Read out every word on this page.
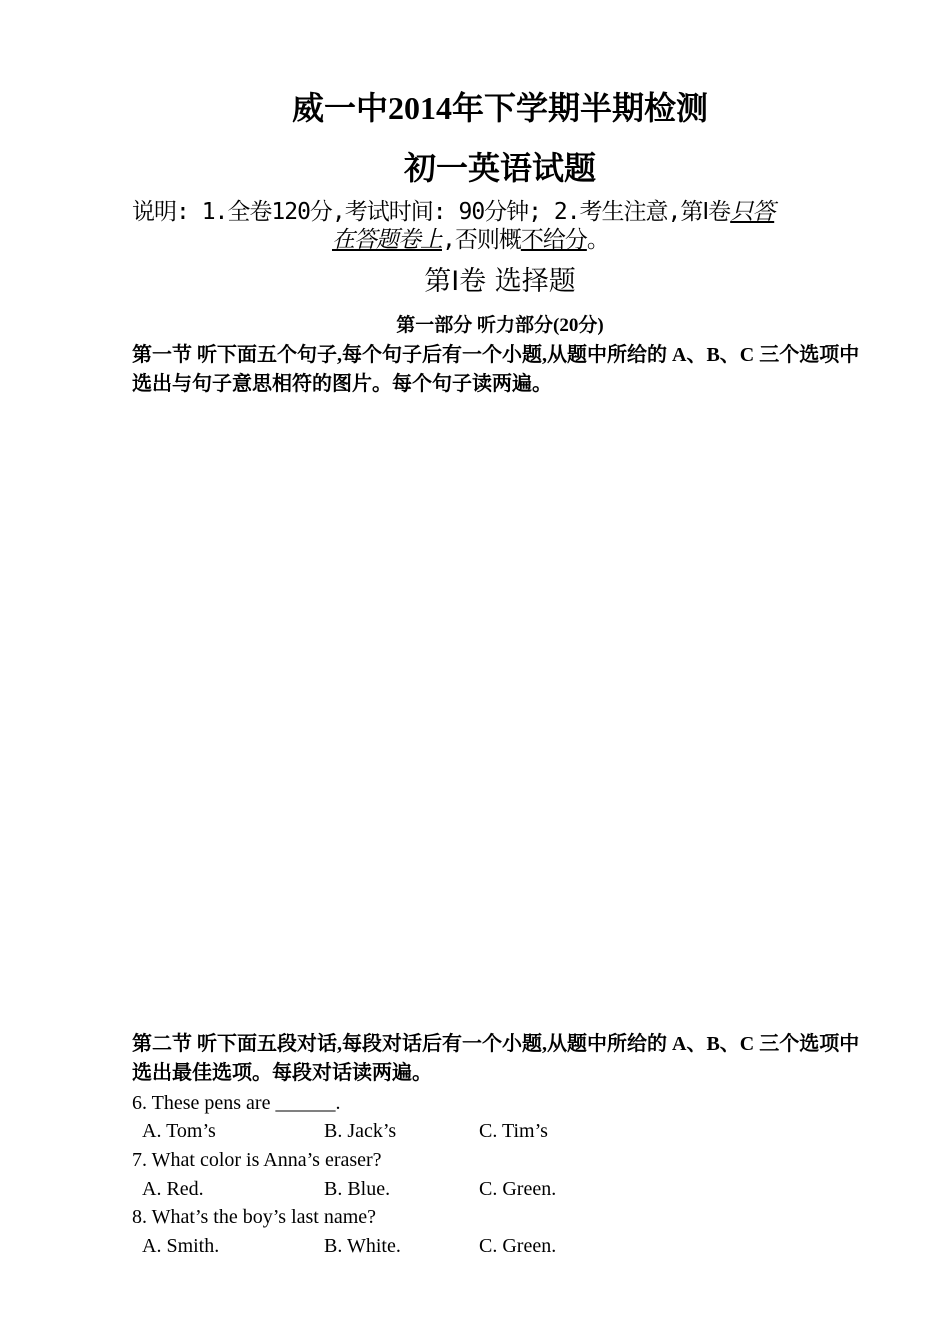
威一中2014年下学期半期检测
初一英语试题
说明: 1.全卷120分,考试时间: 90分钟; 2.考生注意,第Ⅰ卷只答
在答题卷上,否则概不给分。
第Ⅰ卷 选择题
第一部分 听力部分(20分)
第一节 听下面五个句子,每个句子后有一个小题,从题中所给的 A、B、C 三个选项中选出与句子意思相符的图片。每个句子读两遍。
第二节 听下面五段对话,每段对话后有一个小题,从题中所给的 A、B、C 三个选项中选出最佳选项。每段对话读两遍。
6. These pens are ______.
A. Tom’s	B. Jack’s	C. Tim’s
7. What color is Anna’s eraser?
A. Red.	B. Blue.	C. Green.
8. What’s the boy’s last name?
A. Smith.	B. White.	C. Green.
